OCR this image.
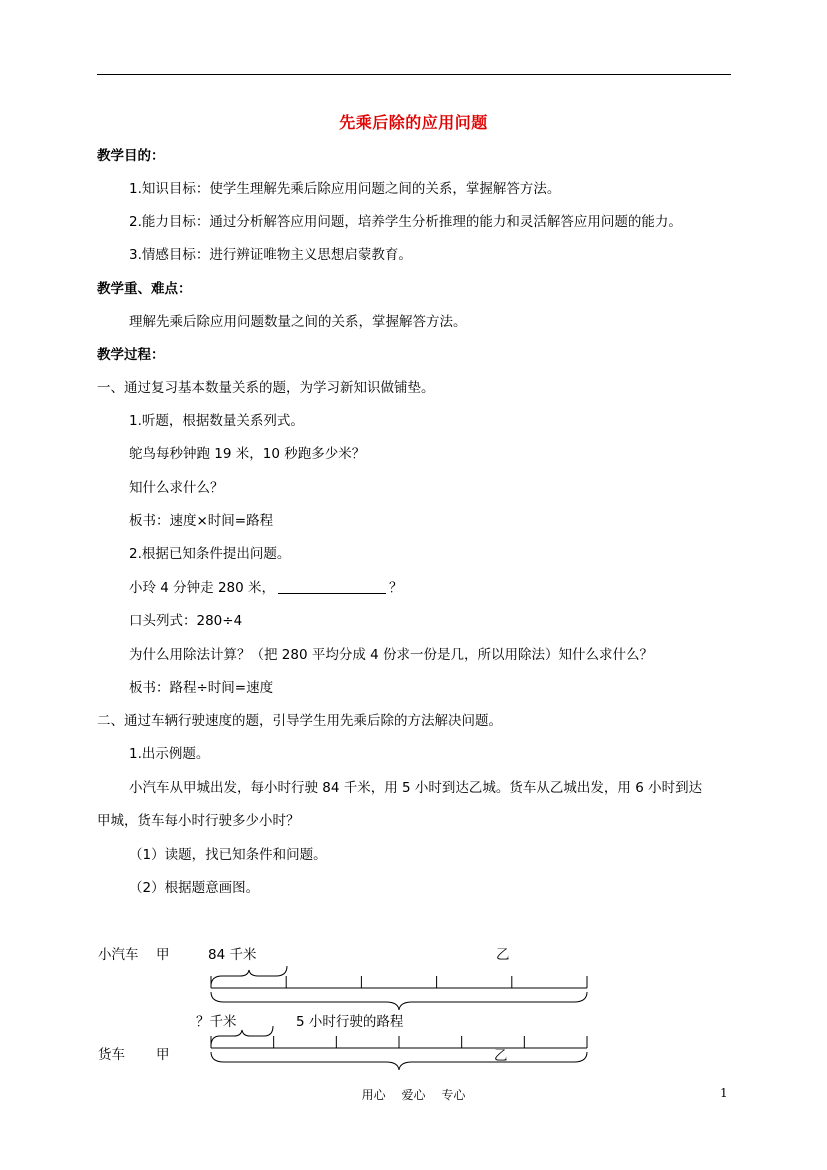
先乘后除的应用问题
教学目的：
1.知识目标：使学生理解先乘后除应用问题之间的关系，掌握解答方法。
2.能力目标：通过分析解答应用问题，培养学生分析推理的能力和灵活解答应用问题的能力。
3.情感目标：进行辨证唯物主义思想启蒙教育。
教学重、难点：
理解先乘后除应用问题数量之间的关系，掌握解答方法。
教学过程：
一、通过复习基本数量关系的题，为学习新知识做铺垫。
1.听题，根据数量关系列式。
鸵鸟每秒钟跑 19 米，10 秒跑多少米？
知什么求什么？
板书：速度×时间=路程
2.根据已知条件提出问题。
小玲 4 分钟走 280 米，	？
口头列式：280÷4
为什么用除法计算？（把 280 平均分成 4 份求一份是几，所以用除法）知什么求什么？
板书：路程÷时间=速度
二、通过车辆行驶速度的题，引导学生用先乘后除的方法解决问题。
1.出示例题。
小汽车从甲城出发，每小时行驶 84 千米，用 5 小时到达乙城。货车从乙城出发，用 6 小时到达
甲城，货车每小时行驶多少小时？
（1）读题，找已知条件和问题。
（2）根据题意画图。
小汽车 甲	84 千米	乙
？千米	5 小时行驶的路程
货车 甲	乙
用心 爱心 专心	1
